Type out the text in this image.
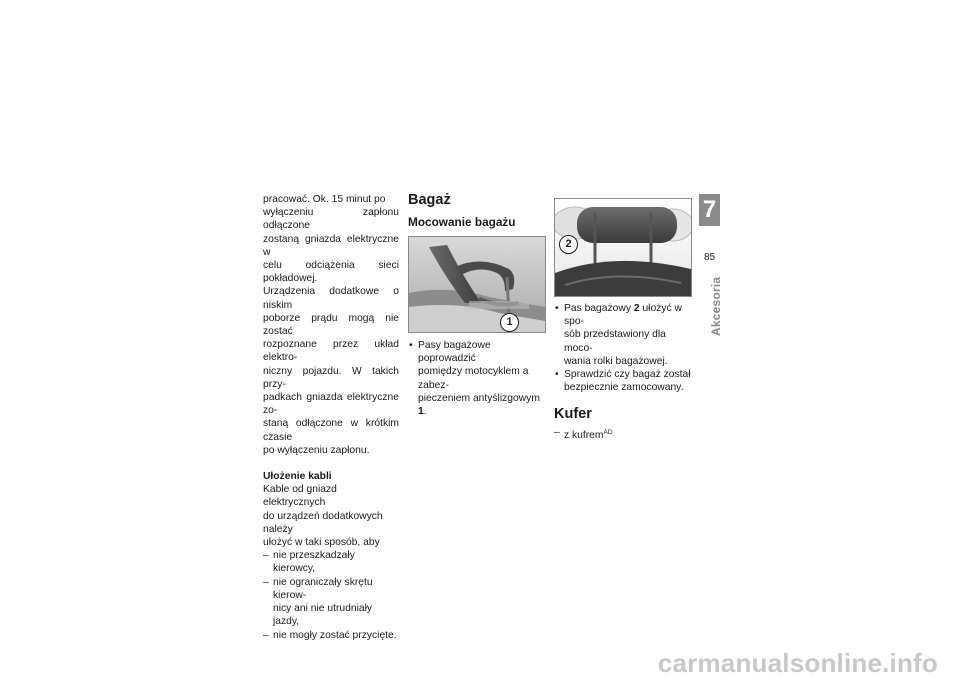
pracować. Ok. 15 minut po
wyłączeniu zapłonu odłączone
zostaną gniazda elektryczne w
celu odciążenia sieci pokładowej.
Urządzenia dodatkowe o niskim
poborze prądu mogą nie zostać
rozpoznane przez układ elektro-
niczny pojazdu. W takich przy-
padkach gniazda elektryczne zo-
staną odłączone w krótkim czasie
po wyłączeniu zapłonu.
Ułożenie kabli
Kable od gniazd elektrycznych
do urządzeń dodatkowych należy
ułożyć w taki sposób, aby
– nie przeszkadzały kierowcy,
– nie ograniczały skrętu kierow-
nicy ani nie utrudniały jazdy,
– nie mogły zostać przycięte.
Bagaż
Mocowanie bagażu
1
• Pasy bagażowe poprowadzić
pomiędzy motocyklem a zabez-
pieczeniem antyślizgowym 1.
2
• Pas bagażowy 2 ułożyć w spo-
sób przedstawiony dla moco-
wania rolki bagażowej.
• Sprawdzić czy bagaż został
bezpiecznie zamocowany.
Kufer
– z kufrem$^{AD}$
7
85
Akcesoria
carmanualsonline.info
